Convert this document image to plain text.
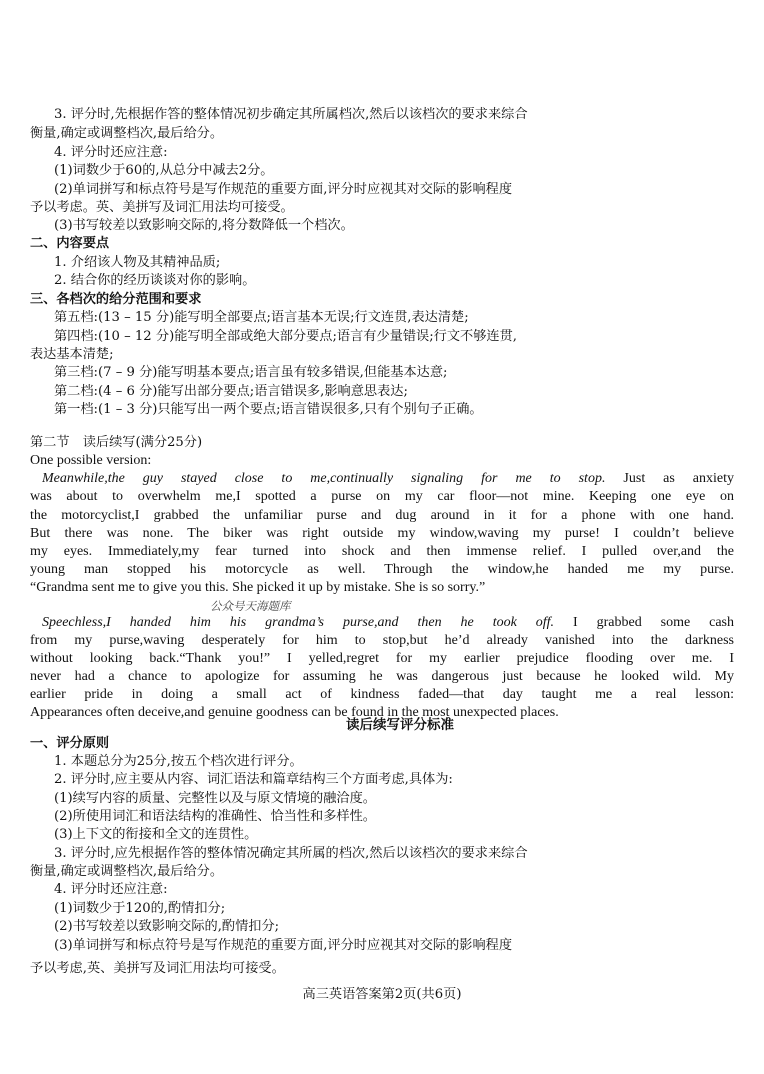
3. 评分时,先根据作答的整体情况初步确定其所属档次,然后以该档次的要求来综合
衡量,确定或调整档次,最后给分。
4. 评分时还应注意:
(1)词数少于60的,从总分中减去2分。
(2)单词拼写和标点符号是写作规范的重要方面,评分时应视其对交际的影响程度
予以考虑。英、美拼写及词汇用法均可接受。
(3)书写较差以致影响交际的,将分数降低一个档次。
二、内容要点
1. 介绍该人物及其精神品质;
2. 结合你的经历谈谈对你的影响。
三、各档次的给分范围和要求
第五档:(13 – 15 分)能写明全部要点;语言基本无误;行文连贯,表达清楚;
第四档:(10 – 12 分)能写明全部或绝大部分要点;语言有少量错误;行文不够连贯,
表达基本清楚;
第三档:(7 – 9 分)能写明基本要点;语言虽有较多错误,但能基本达意;
第二档:(4 – 6 分)能写出部分要点;语言错误多,影响意思表达;
第一档:(1 – 3 分)只能写出一两个要点;语言错误很多,只有个别句子正确。
第二节　读后续写(满分25分)
One possible version:
Meanwhile,the guy stayed close to me,continually signaling for me to stop. Just as anxiety
was about to overwhelm me,I spotted a purse on my car floor—not mine. Keeping one eye on
the motorcyclist,I grabbed the unfamiliar purse and dug around in it for a phone with one hand.
But there was none. The biker was right outside my window,waving my purse! I couldn’t believe
my eyes. Immediately,my fear turned into shock and then immense relief. I pulled over,and the
young man stopped his motorcycle as well. Through the window,he handed me my purse.
“Grandma sent me to give you this. She picked it up by mistake. She is so sorry.”
公众号天海题库
Speechless,I handed him his grandma’s purse,and then he took off. I grabbed some cash
from my purse,waving desperately for him to stop,but he’d already vanished into the darkness
without looking back.“Thank you!” I yelled,regret for my earlier prejudice flooding over me. I
never had a chance to apologize for assuming he was dangerous just because he looked wild. My
earlier pride in doing a small act of kindness faded—that day taught me a real lesson:
Appearances often deceive,and genuine goodness can be found in the most unexpected places.
读后续写评分标准
一、评分原则
1. 本题总分为25分,按五个档次进行评分。
2. 评分时,应主要从内容、词汇语法和篇章结构三个方面考虑,具体为:
(1)续写内容的质量、完整性以及与原文情境的融洽度。
(2)所使用词汇和语法结构的准确性、恰当性和多样性。
(3)上下文的衔接和全文的连贯性。
3. 评分时,应先根据作答的整体情况确定其所属的档次,然后以该档次的要求来综合
衡量,确定或调整档次,最后给分。
4. 评分时还应注意:
(1)词数少于120的,酌情扣分;
(2)书写较差以致影响交际的,酌情扣分;
(3)单词拼写和标点符号是写作规范的重要方面,评分时应视其对交际的影响程度
予以考虑,英、美拼写及词汇用法均可接受。
高三英语答案第2页(共6页)
